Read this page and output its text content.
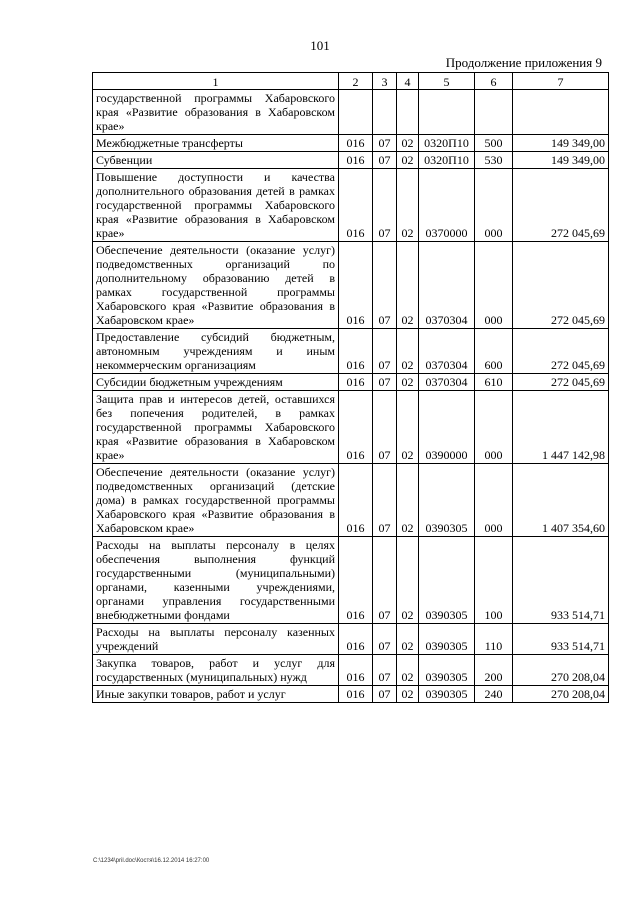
101
Продолжение приложения 9
1	2	3	4	5	6	7
государственной программы Хабаровского края «Развитие образования в Хабаровском крае»						
Межбюджетные трансферты	016	07	02	0320П10	500	149 349,00
Субвенции	016	07	02	0320П10	530	149 349,00
Повышение доступности и качества дополнительного образования детей в рамках государственной программы Хабаровского края «Развитие образования в Хабаровском крае»	016	07	02	0370000	000	272 045,69
Обеспечение деятельности (оказание услуг) подведомственных организаций по дополнительному образованию детей в рамках государственной программы Хабаровского края «Развитие образования в Хабаровском крае»	016	07	02	0370304	000	272 045,69
Предоставление субсидий бюджетным, автономным учреждениям и иным некоммерческим организациям	016	07	02	0370304	600	272 045,69
Субсидии бюджетным учреждениям	016	07	02	0370304	610	272 045,69
Защита прав и интересов детей, оставшихся без попечения родителей, в рамках государственной программы Хабаровского края «Развитие образования в Хабаровском крае»	016	07	02	0390000	000	1 447 142,98
Обеспечение деятельности (оказание услуг) подведомственных организаций (детские дома) в рамках государственной программы Хабаровского края «Развитие образования в Хабаровском крае»	016	07	02	0390305	000	1 407 354,60
Расходы на выплаты персоналу в целях обеспечения выполнения функций государственными (муниципальными) органами, казенными учреждениями, органами управления государственными внебюджетными фондами	016	07	02	0390305	100	933 514,71
Расходы на выплаты персоналу казенных учреждений	016	07	02	0390305	110	933 514,71
Закупка товаров, работ и услуг для государственных (муниципальных) нужд	016	07	02	0390305	200	270 208,04
Иные закупки товаров, работ и услуг	016	07	02	0390305	240	270 208,04
C:\1234\pril.doc\Костя\16.12.2014 16:27:00
